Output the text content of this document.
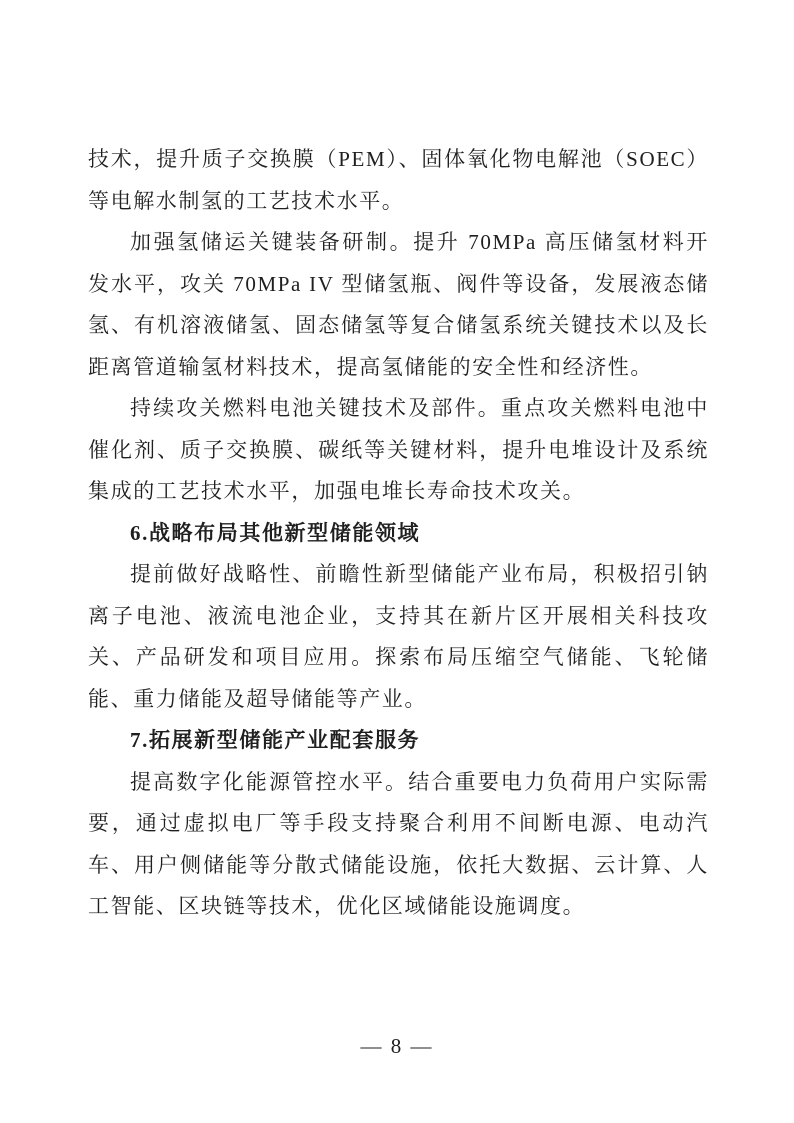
技术，提升质子交换膜（PEM）、固体氧化物电解池（SOEC）等电解水制氢的工艺技术水平。

加强氢储运关键装备研制。提升 70MPa 高压储氢材料开发水平，攻关 70MPa IV 型储氢瓶、阀件等设备，发展液态储氢、有机溶液储氢、固态储氢等复合储氢系统关键技术以及长距离管道输氢材料技术，提高氢储能的安全性和经济性。

持续攻关燃料电池关键技术及部件。重点攻关燃料电池中催化剂、质子交换膜、碳纸等关键材料，提升电堆设计及系统集成的工艺技术水平，加强电堆长寿命技术攻关。

6.战略布局其他新型储能领域

提前做好战略性、前瞻性新型储能产业布局，积极招引钠离子电池、液流电池企业，支持其在新片区开展相关科技攻关、产品研发和项目应用。探索布局压缩空气储能、飞轮储能、重力储能及超导储能等产业。

7.拓展新型储能产业配套服务

提高数字化能源管控水平。结合重要电力负荷用户实际需要，通过虚拟电厂等手段支持聚合利用不间断电源、电动汽车、用户侧储能等分散式储能设施，依托大数据、云计算、人工智能、区块链等技术，优化区域储能设施调度。

— 8 —
